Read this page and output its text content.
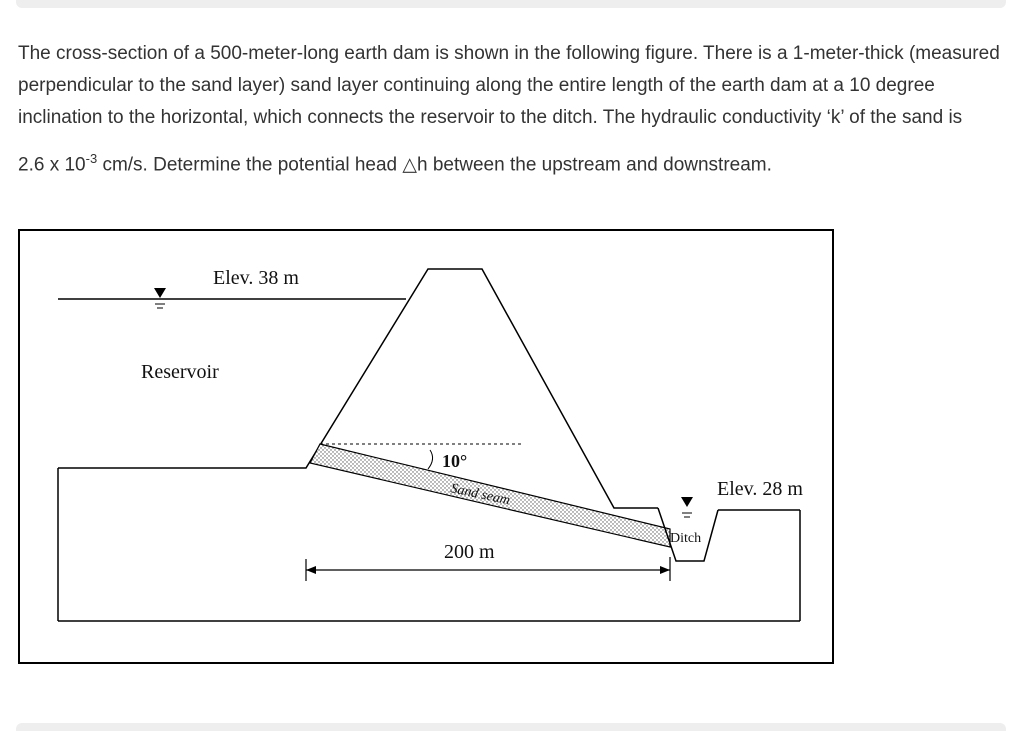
The cross-section of a 500-meter-long earth dam is shown in the following figure. There is a 1-meter-thick (measured perpendicular to the sand layer) sand layer continuing along the entire length of the earth dam at a 10 degree inclination to the horizontal, which connects the reservoir to the ditch. The hydraulic conductivity ‘k’ of the sand is

2.6 x $10^{-3}$ cm/s. Determine the potential head △h between the upstream and downstream.

Elev. 38 m
Reservoir
10°
Sand seam
Ditch
Elev. 28 m
200 m
